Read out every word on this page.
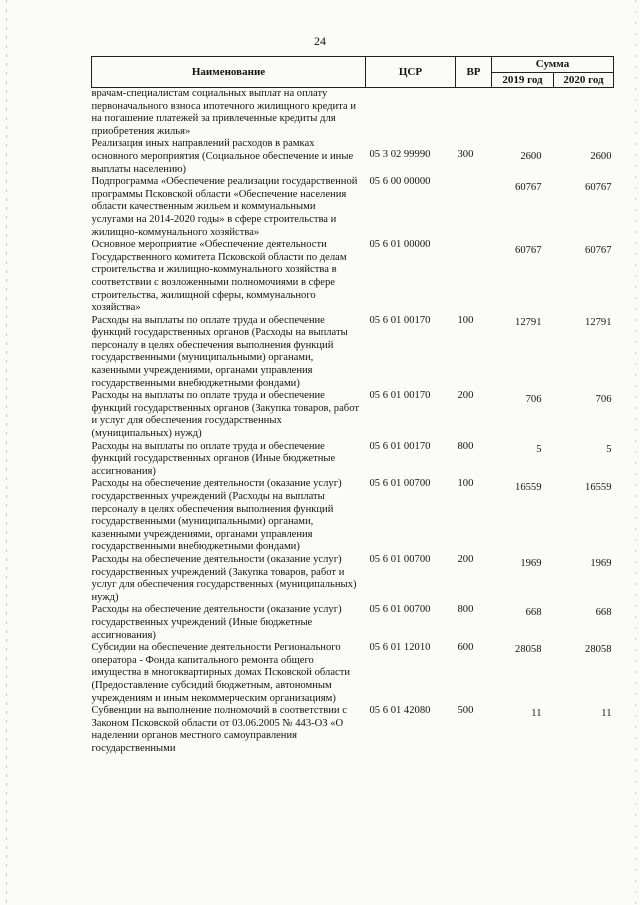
24
Наименование	ЦСР	ВР	Сумма	
			2019 год	2020 год
врачам-специалистам социальных выплат на оплату первоначального взноса ипотечного жилищного кредита и на погашение платежей за привлеченные кредиты для приобретения жилья»				
Реализация иных направлений расходов в рамках основного мероприятия (Социальное обеспечение и иные выплаты населению)	05 3 02 99990	300	2600	2600
Подпрограмма «Обеспечение реализации государственной программы Псковской области «Обеспечение населения области качественным жильем и коммунальными услугами на 2014-2020 годы» в сфере строительства и жилищно-коммунального хозяйства»	05 6 00 00000		60767	60767
Основное мероприятие «Обеспечение деятельности Государственного комитета Псковской области по делам строительства и жилищно-коммунального хозяйства в соответствии с возложенными полномочиями в сфере строительства, жилищной сферы, коммунального хозяйства»	05 6 01 00000		60767	60767
Расходы на выплаты по оплате труда и обеспечение функций государственных органов (Расходы на выплаты персоналу в целях обеспечения выполнения функций государственными (муниципальными) органами, казенными учреждениями, органами управления государственными внебюджетными фондами)	05 6 01 00170	100	12791	12791
Расходы на выплаты по оплате труда и обеспечение функций государственных органов (Закупка товаров, работ и услуг для обеспечения государственных (муниципальных) нужд)	05 6 01 00170	200	706	706
Расходы на выплаты по оплате труда и обеспечение функций государственных органов (Иные бюджетные ассигнования)	05 6 01 00170	800	5	5
Расходы на обеспечение деятельности (оказание услуг) государственных учреждений (Расходы на выплаты персоналу в целях обеспечения выполнения функций государственными (муниципальными) органами, казенными учреждениями, органами управления государственными внебюджетными фондами)	05 6 01 00700	100	16559	16559
Расходы на обеспечение деятельности (оказание услуг) государственных учреждений (Закупка товаров, работ и услуг для обеспечения государственных (муниципальных) нужд)	05 6 01 00700	200	1969	1969
Расходы на обеспечение деятельности (оказание услуг) государственных учреждений (Иные бюджетные ассигнования)	05 6 01 00700	800	668	668
Субсидии на обеспечение деятельности Регионального оператора - Фонда капитального ремонта общего имущества в многоквартирных домах Псковской области (Предоставление субсидий бюджетным, автономным учреждениям и иным некоммерческим организациям)	05 6 01 12010	600	28058	28058
Субвенции на выполнение полномочий в соответствии с Законом Псковской области от 03.06.2005 № 443-ОЗ «О наделении органов местного самоуправления государственными	05 6 01 42080	500	11	11
